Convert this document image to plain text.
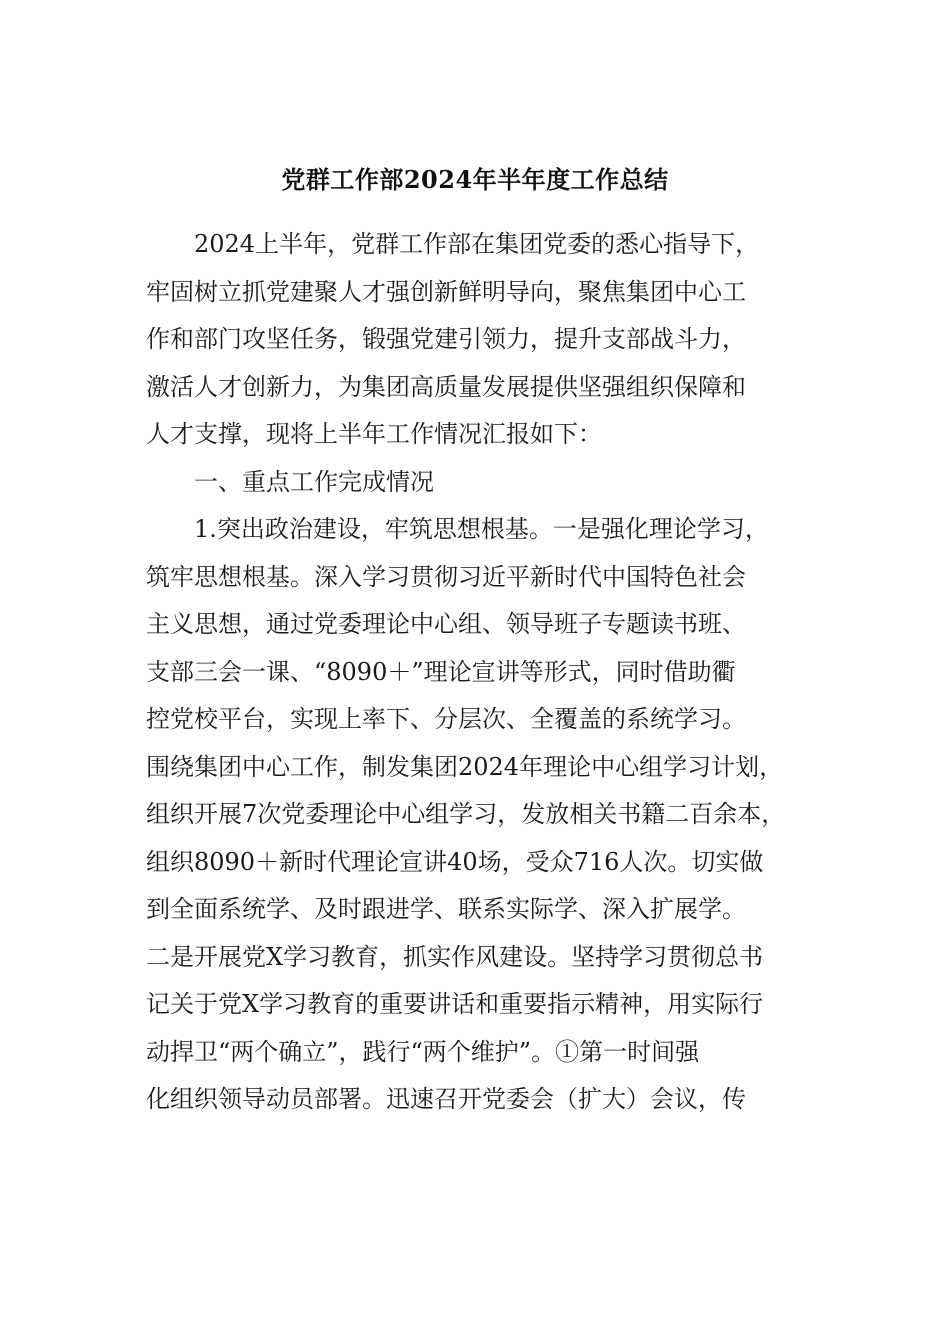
党群工作部2024年半年度工作总结
2024上半年，党群工作部在集团党委的悉心指导下，
牢固树立抓党建聚人才强创新鲜明导向，聚焦集团中心工
作和部门攻坚任务，锻强党建引领力，提升支部战斗力，
激活人才创新力，为集团高质量发展提供坚强组织保障和
人才支撑，现将上半年工作情况汇报如下：
一、重点工作完成情况
1.突出政治建设，牢筑思想根基。一是强化理论学习，
筑牢思想根基。深入学习贯彻习近平新时代中国特色社会
主义思想，通过党委理论中心组、领导班子专题读书班、
支部三会一课、“8090＋”理论宣讲等形式，同时借助衢
控党校平台，实现上率下、分层次、全覆盖的系统学习。
围绕集团中心工作，制发集团2024年理论中心组学习计划，
组织开展7次党委理论中心组学习，发放相关书籍二百余本，
组织8090＋新时代理论宣讲40场，受众716人次。切实做
到全面系统学、及时跟进学、联系实际学、深入扩展学。
二是开展党X学习教育，抓实作风建设。坚持学习贯彻总书
记关于党X学习教育的重要讲话和重要指示精神，用实际行
动捍卫“两个确立”，践行“两个维护”。①第一时间强
化组织领导动员部署。迅速召开党委会（扩大）会议，传
